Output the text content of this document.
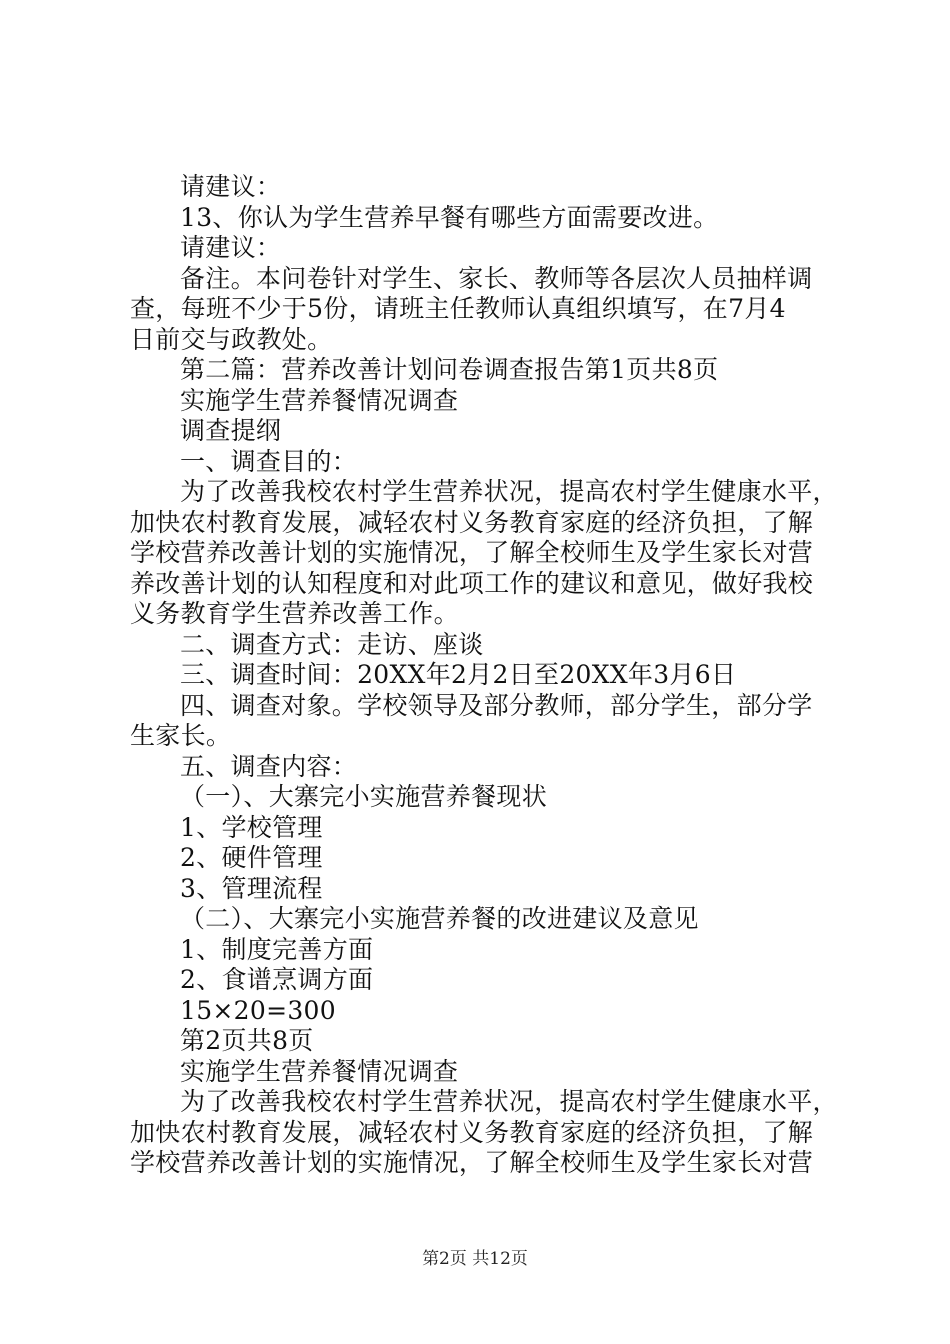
请建议：
13、你认为学生营养早餐有哪些方面需要改进。
请建议：
备注。本问卷针对学生、家长、教师等各层次人员抽样调
查，每班不少于5份，请班主任教师认真组织填写，在7月4
日前交与政教处。
第二篇：营养改善计划问卷调查报告第1页共8页
实施学生营养餐情况调查
调查提纲
一、调查目的：
为了改善我校农村学生营养状况，提高农村学生健康水平，
加快农村教育发展，减轻农村义务教育家庭的经济负担，了解
学校营养改善计划的实施情况，了解全校师生及学生家长对营
养改善计划的认知程度和对此项工作的建议和意见，做好我校
义务教育学生营养改善工作。
二、调查方式：走访、座谈
三、调查时间：20XX年2月2日至20XX年3月6日
四、调查对象。学校领导及部分教师，部分学生，部分学
生家长。
五、调查内容：
（一）、大寨完小实施营养餐现状
1、学校管理
2、硬件管理
3、管理流程
（二）、大寨完小实施营养餐的改进建议及意见
1、制度完善方面
2、食谱烹调方面
15×20=300
第2页共8页
实施学生营养餐情况调查
为了改善我校农村学生营养状况，提高农村学生健康水平，
加快农村教育发展，减轻农村义务教育家庭的经济负担，了解
学校营养改善计划的实施情况，了解全校师生及学生家长对营
第2页 共12页
